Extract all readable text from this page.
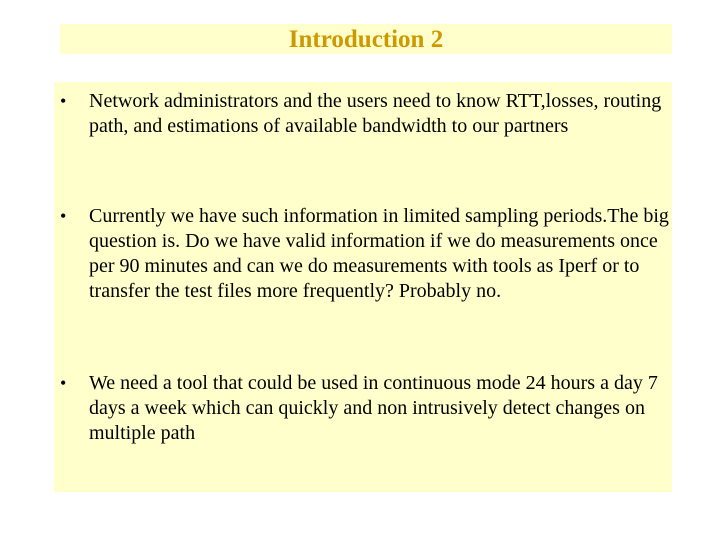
Introduction 2
• Network administrators and the users need to know RTT,losses, routing path, and estimations of available bandwidth to our partners
• Currently we have such information in limited sampling periods.The big question is. Do we have valid information if we do measurements once per 90 minutes and can we do measurements with tools as Iperf or to transfer the test files more frequently? Probably no.
• We need a tool that could be used in continuous mode 24 hours a day 7 days a week which can quickly and non intrusively detect changes on multiple path
